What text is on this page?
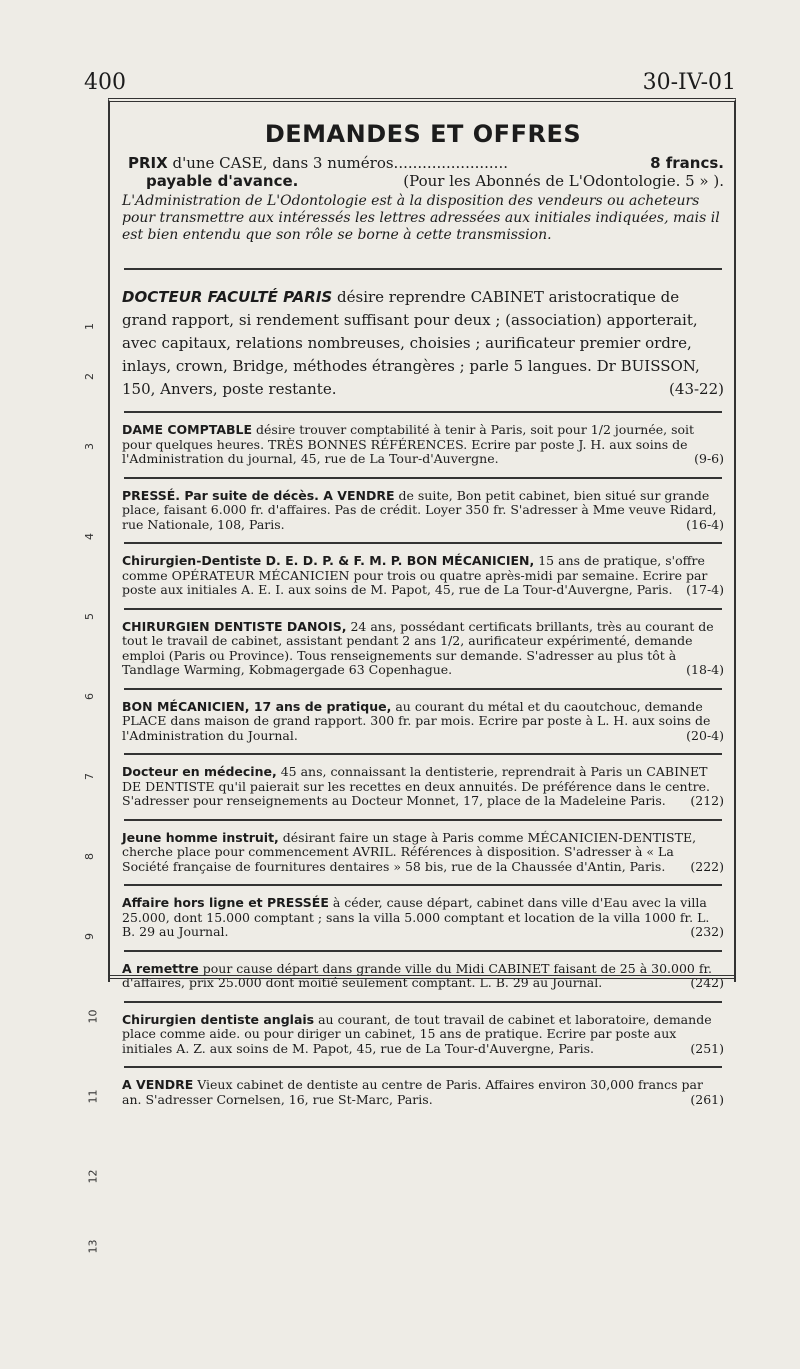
400	30-IV-01
DEMANDES ET OFFRES
PRIX d'une CASE, dans 3 numéros........................	8 francs.
payable d'avance.	(Pour les Abonnés de L'Odontologie. 5 » ).
L'Administration de L'Odontologie est à la disposition des vendeurs ou acheteurs pour transmettre aux intéressés les lettres adressées aux initiales indiquées, mais il est bien entendu que son rôle se borne à cette transmission.
DOCTEUR FACULTÉ PARIS désire reprendre CABINET aristocratique de grand rapport, si rendement suffisant pour deux ; (association) apporterait, avec capitaux, relations nombreuses, choisies ; aurificateur premier ordre, inlays, crown, Bridge, méthodes étrangères ; parle 5 langues. Dr BUISSON, 150, Anvers, poste restante.	(43-22)
DAME COMPTABLE désire trouver comptabilité à tenir à Paris, soit pour 1/2 journée, soit pour quelques heures. TRÈS BONNES RÉFÉRENCES. Ecrire par poste J. H. aux soins de l'Administration du journal, 45, rue de La Tour-d'Auvergne.	(9-6)
PRESSÉ. Par suite de décès. A VENDRE de suite, Bon petit cabinet, bien situé sur grande place, faisant 6.000 fr. d'affaires. Pas de crédit. Loyer 350 fr. S'adresser à Mme veuve Ridard, rue Nationale, 108, Paris.	(16-4)
Chirurgien-Dentiste D. E. D. P. & F. M. P. BON MÉCANICIEN, 15 ans de pratique, s'offre comme OPÉRATEUR MÉCANICIEN pour trois ou quatre après-midi par semaine. Ecrire par poste aux initiales A. E. I. aux soins de M. Papot, 45, rue de La Tour-d'Auvergne, Paris. (17-4)
CHIRURGIEN DENTISTE DANOIS, 24 ans, possédant certificats brillants, très au courant de tout le travail de cabinet, assistant pendant 2 ans 1/2, aurificateur expérimenté, demande emploi (Paris ou Province). Tous renseignements sur demande. S'adresser au plus tôt à Tandlage Warming, Kobmagergade 63 Copenhague.	(18-4)
BON MÉCANICIEN, 17 ans de pratique, au courant du métal et du caoutchouc, demande PLACE dans maison de grand rapport. 300 fr. par mois. Ecrire par poste à L. H. aux soins de l'Administration du Journal.	(20-4)
Docteur en médecine, 45 ans, connaissant la dentisterie, reprendrait à Paris un CABINET DE DENTISTE qu'il paierait sur les recettes en deux annuités. De préférence dans le centre. S'adresser pour renseignements au Docteur Monnet, 17, place de la Madeleine Paris. (212)
Jeune homme instruit, désirant faire un stage à Paris comme MÉCANICIEN-DENTISTE, cherche place pour commencement AVRIL. Références à disposition. S'adresser à « La Société française de fournitures dentaires » 58 bis, rue de la Chaussée d'Antin, Paris. (222)
Affaire hors ligne et PRESSÉE à céder, cause départ, cabinet dans ville d'Eau avec la villa 25.000, dont 15.000 comptant ; sans la villa 5.000 comptant et location de la villa 1000 fr. L. B. 29 au Journal.	(232)
A remettre pour cause départ dans grande ville du Midi CABINET faisant de 25 à 30.000 fr. d'affaires, prix 25.000 dont moitié seulement comptant. L. B. 29 au Journal.	(242)
Chirurgien dentiste anglais au courant, de tout travail de cabinet et laboratoire, demande place comme aide. ou pour diriger un cabinet, 15 ans de pratique. Ecrire par poste aux initiales A. Z. aux soins de M. Papot, 45, rue de La Tour-d'Auvergne, Paris.	(251)
A VENDRE Vieux cabinet de dentiste au centre de Paris. Affaires environ 30,000 francs par an. S'adresser Cornelsen, 16, rue St-Marc, Paris.	(261)
1
2
3
4
5
6
7
8
9
10
11
12
13
